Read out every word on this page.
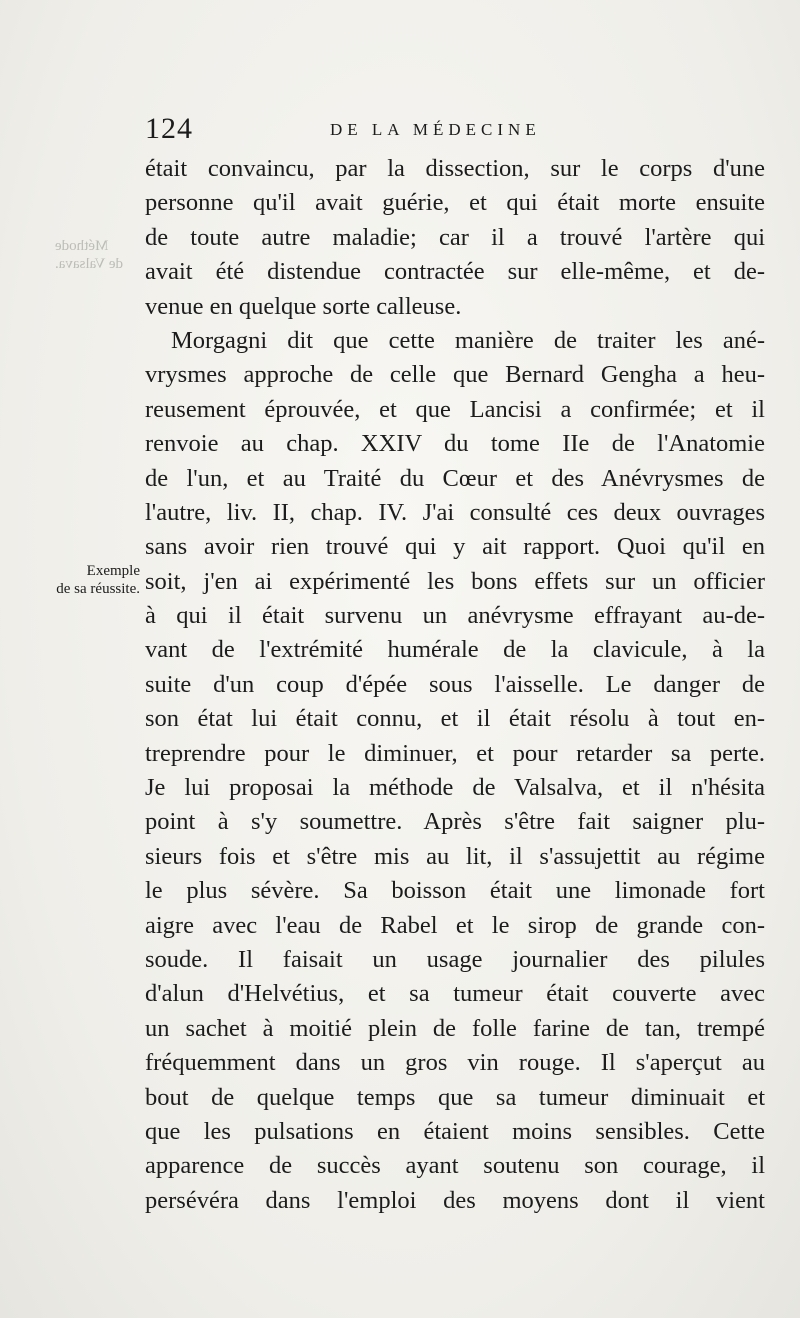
124	DE LA MÉDECINE
Méthode
de Valsava.
Exemple
de sa réussite.
était convaincu, par la dissection, sur le corps d'une
personne qu'il avait guérie, et qui était morte ensuite
de toute autre maladie; car il a trouvé l'artère qui
avait été distendue contractée sur elle-même, et de-
venue en quelque sorte calleuse.
Morgagni dit que cette manière de traiter les ané-
vrysmes approche de celle que Bernard Gengha a heu-
reusement éprouvée, et que Lancisi a confirmée; et il
renvoie au chap. XXIV du tome IIe de l'Anatomie
de l'un, et au Traité du Cœur et des Anévrysmes de
l'autre, liv. II, chap. IV. J'ai consulté ces deux ouvrages
sans avoir rien trouvé qui y ait rapport. Quoi qu'il en
soit, j'en ai expérimenté les bons effets sur un officier
à qui il était survenu un anévrysme effrayant au-de-
vant de l'extrémité humérale de la clavicule, à la
suite d'un coup d'épée sous l'aisselle. Le danger de
son état lui était connu, et il était résolu à tout en-
treprendre pour le diminuer, et pour retarder sa perte.
Je lui proposai la méthode de Valsalva, et il n'hésita
point à s'y soumettre. Après s'être fait saigner plu-
sieurs fois et s'être mis au lit, il s'assujettit au régime
le plus sévère. Sa boisson était une limonade fort
aigre avec l'eau de Rabel et le sirop de grande con-
soude. Il faisait un usage journalier des pilules
d'alun d'Helvétius, et sa tumeur était couverte avec
un sachet à moitié plein de folle farine de tan, trempé
fréquemment dans un gros vin rouge. Il s'aperçut au
bout de quelque temps que sa tumeur diminuait et
que les pulsations en étaient moins sensibles. Cette
apparence de succès ayant soutenu son courage, il
persévéra dans l'emploi des moyens dont il vient
